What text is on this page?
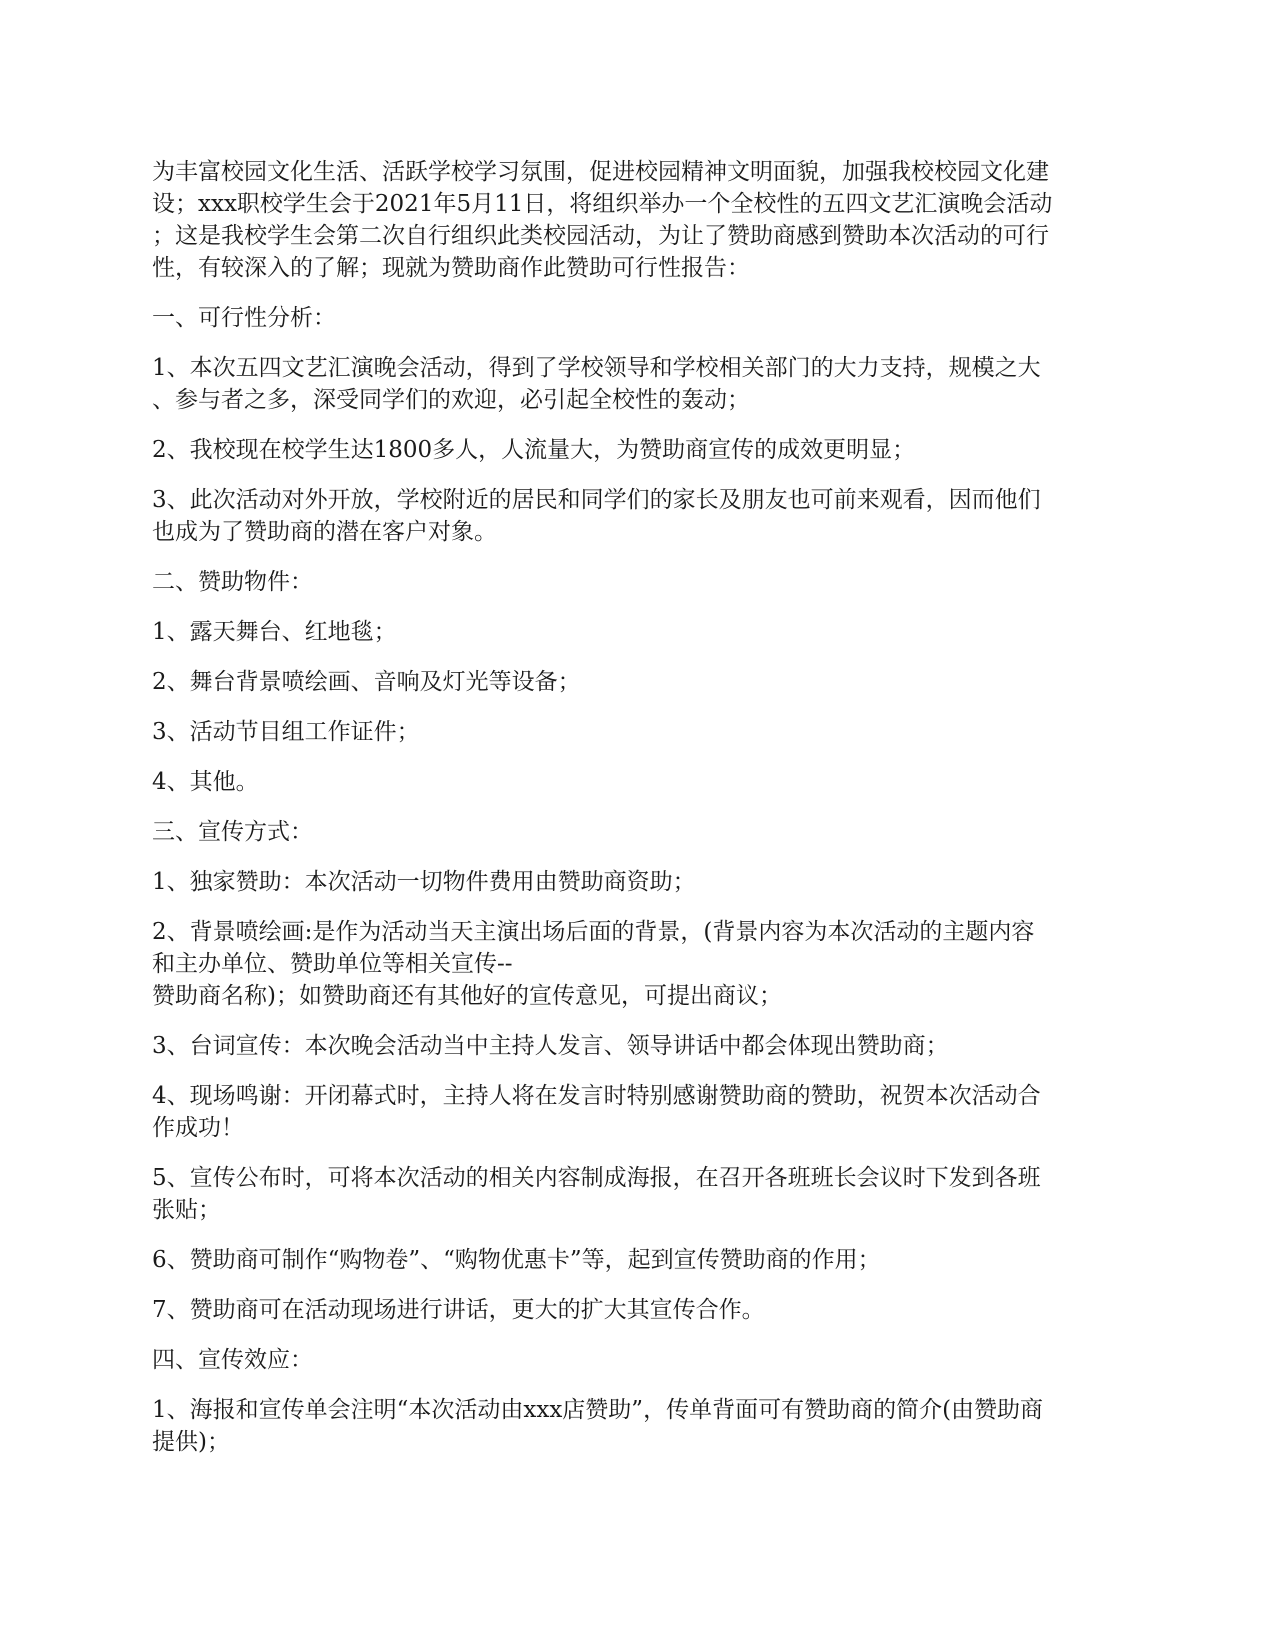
为丰富校园文化生活、活跃学校学习氛围，促进校园精神文明面貌，加强我校校园文化建
设；xxx职校学生会于2021年5月11日，将组织举办一个全校性的五四文艺汇演晚会活动
；这是我校学生会第二次自行组织此类校园活动，为让了赞助商感到赞助本次活动的可行
性，有较深入的了解；现就为赞助商作此赞助可行性报告：

一、可行性分析：

1、本次五四文艺汇演晚会活动，得到了学校领导和学校相关部门的大力支持，规模之大
、参与者之多，深受同学们的欢迎，必引起全校性的轰动；

2、我校现在校学生达1800多人，人流量大，为赞助商宣传的成效更明显；

3、此次活动对外开放，学校附近的居民和同学们的家长及朋友也可前来观看，因而他们
也成为了赞助商的潜在客户对象。

二、赞助物件：

1、露天舞台、红地毯；

2、舞台背景喷绘画、音响及灯光等设备；

3、活动节目组工作证件；

4、其他。

三、宣传方式：

1、独家赞助：本次活动一切物件费用由赞助商资助；

2、背景喷绘画:是作为活动当天主演出场后面的背景，(背景内容为本次活动的主题内容
和主办单位、赞助单位等相关宣传--
赞助商名称)；如赞助商还有其他好的宣传意见，可提出商议；

3、台词宣传：本次晚会活动当中主持人发言、领导讲话中都会体现出赞助商；

4、现场鸣谢：开闭幕式时，主持人将在发言时特别感谢赞助商的赞助，祝贺本次活动合
作成功！

5、宣传公布时，可将本次活动的相关内容制成海报，在召开各班班长会议时下发到各班
张贴；

6、赞助商可制作“购物卷”、“购物优惠卡”等，起到宣传赞助商的作用；

7、赞助商可在活动现场进行讲话，更大的扩大其宣传合作。

四、宣传效应：

1、海报和宣传单会注明“本次活动由xxx店赞助”，传单背面可有赞助商的简介(由赞助商
提供)；
